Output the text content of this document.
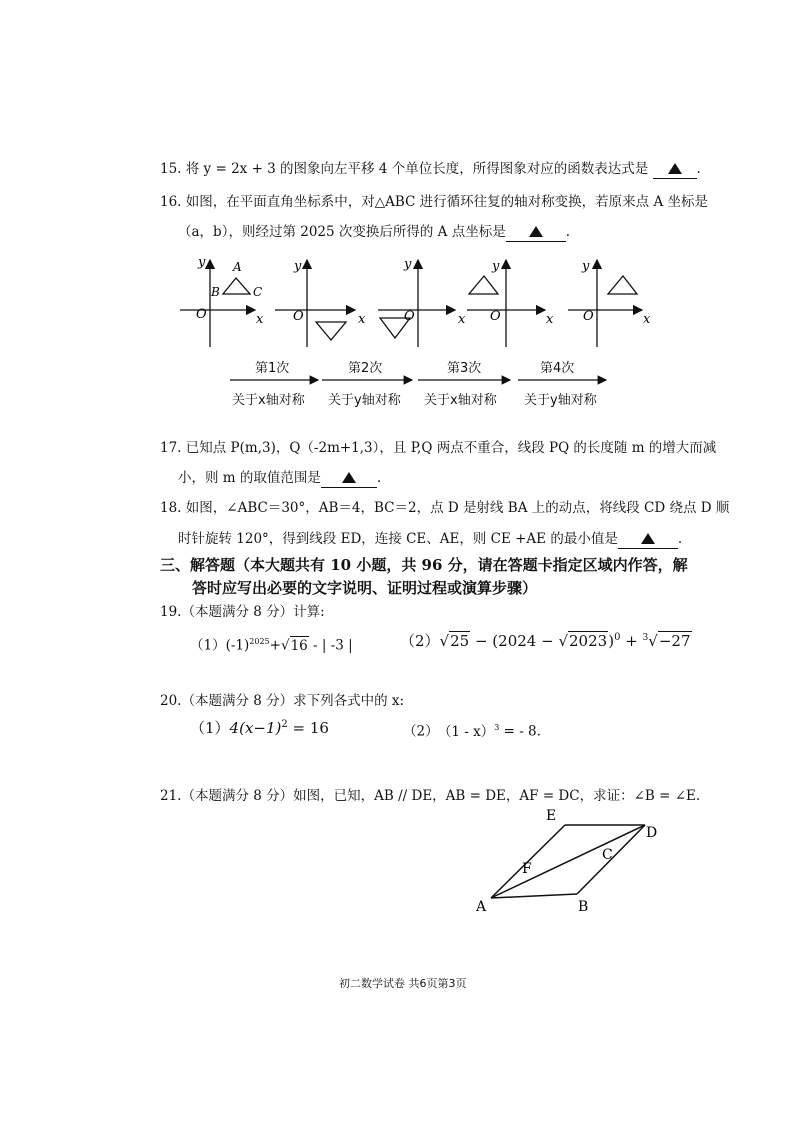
15. 将 y = 2x + 3 的图象向左平移 4 个单位长度，所得图象对应的函数表达式是	.
16. 如图，在平面直角坐标系中，对△ABC 进行循环往复的轴对称变换，若原来点 A 坐标是
（a，b），则经过第 2025 次变换后所得的 A 点坐标是	.
y
x
O
A
B	C
y
x
O
y
x
O
y
x
O
y
x
O
第1次	第2次	第3次	第4次
关于x轴对称 关于y轴对称 关于x轴对称 关于y轴对称
17. 已知点 P(m,3)，Q（-2m+1,3），且 P,Q 两点不重合，线段 PQ 的长度随 m 的增大而减
小，则 m 的取值范围是	.
18. 如图，∠ABC＝30°，AB＝4，BC＝2，点 D 是射线 BA 上的动点，将线段 CD 绕点 D 顺
时针旋转 120°，得到线段 ED，连接 CE、AE，则 CE +AE 的最小值是	.
三、解答题（本大题共有 10 小题，共 96 分，请在答题卡指定区域内作答，解
答时应写出必要的文字说明、证明过程或演算步骤）
19.（本题满分 8 分）计算:
$(1)(-1)^{2025}+√16$ - | -3 |	$(2)√25 - (2024 - √2023)^0 + ^3√-27$
20.（本题满分 8 分）求下列各式中的 x:
$(1)4(x-1)^2 = 16$	（2） （1 - x）$^3$ = - 8.
21.（本题满分 8 分）如图，已知，AB // DE，AB = DE，AF = DC，求证：∠B = ∠E.
E
D
C
F
A	B
初二数学试卷 共6页第3页
